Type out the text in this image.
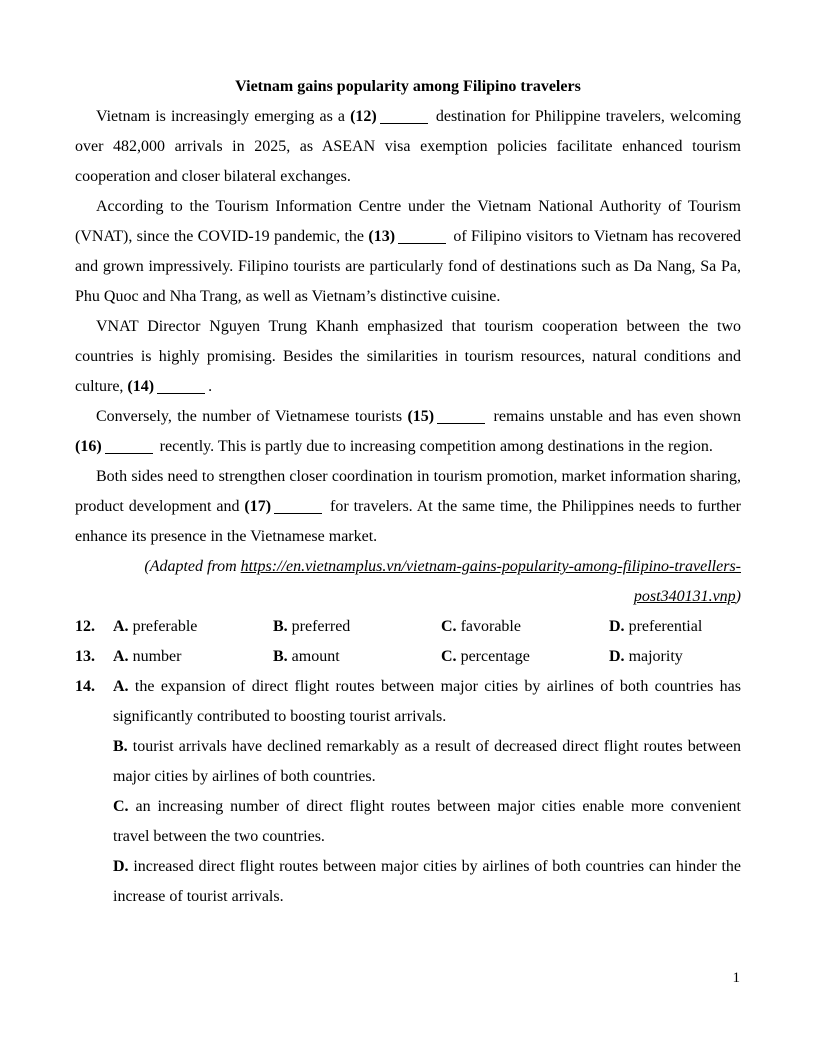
Vietnam gains popularity among Filipino travelers

Vietnam is increasingly emerging as a (12)	destination for Philippine travelers, welcoming over 482,000 arrivals in 2025, as ASEAN visa exemption policies facilitate enhanced tourism cooperation and closer bilateral exchanges.

According to the Tourism Information Centre under the Vietnam National Authority of Tourism (VNAT), since the COVID-19 pandemic, the (13)	of Filipino visitors to Vietnam has recovered and grown impressively. Filipino tourists are particularly fond of destinations such as Da Nang, Sa Pa, Phu Quoc and Nha Trang, as well as Vietnam’s distinctive cuisine.

VNAT Director Nguyen Trung Khanh emphasized that tourism cooperation between the two countries is highly promising. Besides the similarities in tourism resources, natural conditions and culture, (14)	.

Conversely, the number of Vietnamese tourists (15)	remains unstable and has even shown (16)	recently. This is partly due to increasing competition among destinations in the region.

Both sides need to strengthen closer coordination in tourism promotion, market information sharing, product development and (17)	for travelers. At the same time, the Philippines needs to further enhance its presence in the Vietnamese market.

(Adapted from https://en.vietnamplus.vn/vietnam-gains-popularity-among-filipino-travellers-
post340131.vnp)
12.	A. preferable	B. preferred	C. favorable	D. preferential
13.	A. number	B. amount	C. percentage	D. majority
14.	A. the expansion of direct flight routes between major cities by airlines of both countries has significantly contributed to boosting tourist arrivals.

B. tourist arrivals have declined remarkably as a result of decreased direct flight routes between major cities by airlines of both countries.

C. an increasing number of direct flight routes between major cities enable more convenient travel between the two countries.

D. increased direct flight routes between major cities by airlines of both countries can hinder the increase of tourist arrivals.

1
